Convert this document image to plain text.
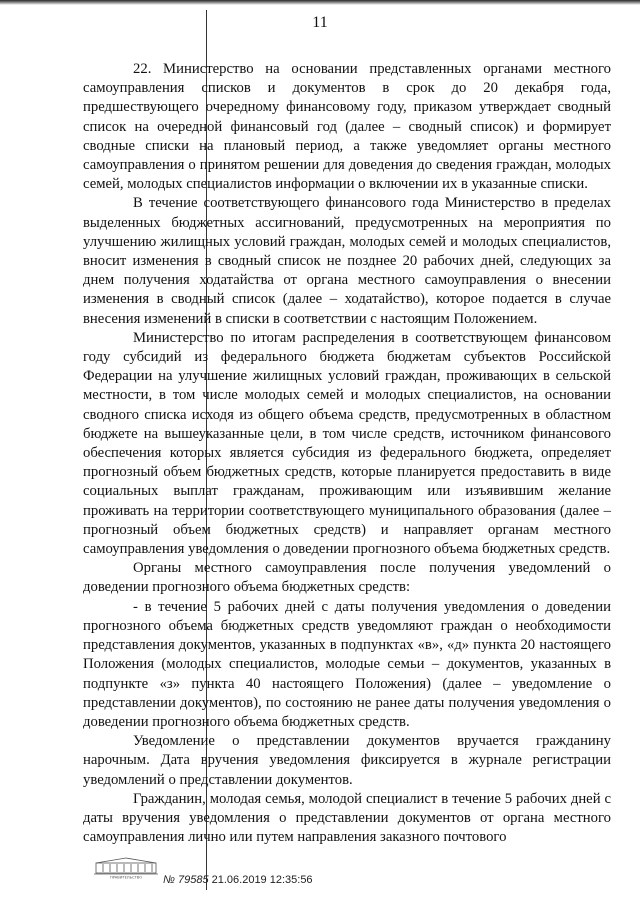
11

22. Министерство на основании представленных органами местного самоуправления списков и документов в срок до 20 декабря года, предшествующего очередному финансовому году, приказом утверждает сводный список на очередной финансовый год (далее – сводный список) и формирует сводные списки на плановый период, а также уведомляет органы местного самоуправления о принятом решении для доведения до сведения граждан, молодых семей, молодых специалистов информации о включении их в указанные списки.

В течение соответствующего финансового года Министерство в пределах выделенных бюджетных ассигнований, предусмотренных на мероприятия по улучшению жилищных условий граждан, молодых семей и молодых специалистов, вносит изменения в сводный список не позднее 20 рабочих дней, следующих за днем получения ходатайства от органа местного самоуправления о внесении изменения в сводный список (далее – ходатайство), которое подается в случае внесения изменений в списки в соответствии с настоящим Положением.

Министерство по итогам распределения в соответствующем финансовом году субсидий из федерального бюджета бюджетам субъектов Российской Федерации на улучшение жилищных условий граждан, проживающих в сельской местности, в том числе молодых семей и молодых специалистов, на основании сводного списка исходя из общего объема средств, предусмотренных в областном бюджете на вышеуказанные цели, в том числе средств, источником финансового обеспечения которых является субсидия из федерального бюджета, определяет прогнозный объем бюджетных средств, которые планируется предоставить в виде социальных выплат гражданам, проживающим или изъявившим желание проживать на территории соответствующего муниципального образования (далее – прогнозный объем бюджетных средств) и направляет органам местного самоуправления уведомления о доведении прогнозного объема бюджетных средств.

Органы местного самоуправления после получения уведомлений о доведении прогнозного объема бюджетных средств:

- в течение 5 рабочих дней с даты получения уведомления о доведении прогнозного объема бюджетных средств уведомляют граждан о необходимости представления документов, указанных в подпунктах «в», «д» пункта 20 настоящего Положения (молодых специалистов, молодые семьи – документов, указанных в подпункте «з» пункта 40 настоящего Положения) (далее – уведомление о представлении документов), по состоянию не ранее даты получения уведомления о доведении прогнозного объема бюджетных средств.

Уведомление о представлении документов вручается гражданину нарочным. Дата вручения уведомления фиксируется в журнале регистрации уведомлений о представлении документов.

Гражданин, молодая семья, молодой специалист в течение 5 рабочих дней с даты вручения уведомления о представлении документов от органа местного самоуправления лично или путем направления заказного почтового

ПРАВИТЕЛЬСТВО № 79585 21.06.2019 12:35:56
